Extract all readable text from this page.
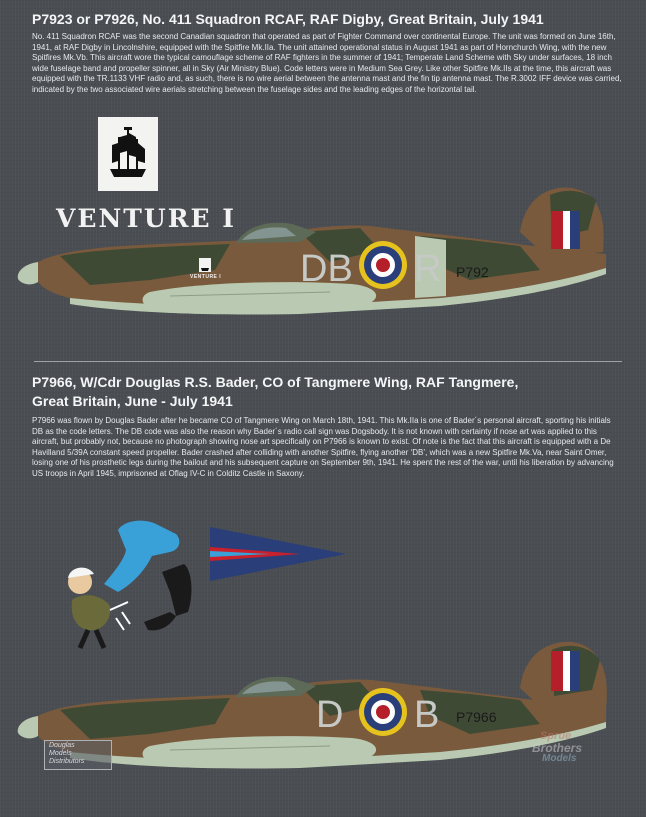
P7923 or P7926, No. 411 Squadron RCAF, RAF Digby, Great Britain, July 1941
No. 411 Squadron RCAF was the second Canadian squadron that operated as part of Fighter Command over continental Europe. The unit was formed on June 16th, 1941, at RAF Digby in Lincolnshire, equipped with the Spitfire Mk.IIa. The unit attained operational status in August 1941 as part of Hornchurch Wing, with the new Spitfires Mk.Vb. This aircraft wore the typical camouflage scheme of RAF fighters in the summer of 1941; Temperate Land Scheme with Sky under surfaces, 18 inch wide fuselage band and propeller spinner, all in Sky (Air Ministry Blue). Code letters were in Medium Sea Grey. Like other Spitfire Mk.IIs at the time, this aircraft was equipped with the TR.1133 VHF radio and, as such, there is no wire aerial between the antenna mast and the fin tip antenna mast. The R.3002 IFF device was carried, indicated by the two associated wire aerials stretching between the fuselage sides and the leading edges of the horizontal tail.
VENTURE I
VENTURE I DB R P792
P7966, W/Cdr Douglas R.S. Bader, CO of Tangmere Wing, RAF Tangmere,
Great Britain, June - July 1941
P7966 was flown by Douglas Bader after he became CO of Tangmere Wing on March 18th, 1941. This Mk.IIa is one of Bader´s personal aircraft, sporting his initials DB as the code letters. The DB code was also the reason why Bader´s radio call sign was Dogsbody. It is not known with certainty if nose art was applied to this aircraft, but probably not, because no photograph showing nose art specifically on P7966 is known to exist. Of note is the fact that this aircraft is equipped with a De Havilland 5/39A constant speed propeller. Bader crashed after colliding with another Spitfire, flying another ‘DB’, which was a new Spitfire Mk.Va, near Saint Omer, losing one of his prosthetic legs during the bailout and his subsequent capture on September 9th, 1941. He spent the rest of the war, until his liberation by advancing US troops in April 1945, imprisoned at Oflag IV-C in Colditz Castle in Saxony.
D B P7966
Douglas
Models
Distributors
Sprue
Brothers
Models
